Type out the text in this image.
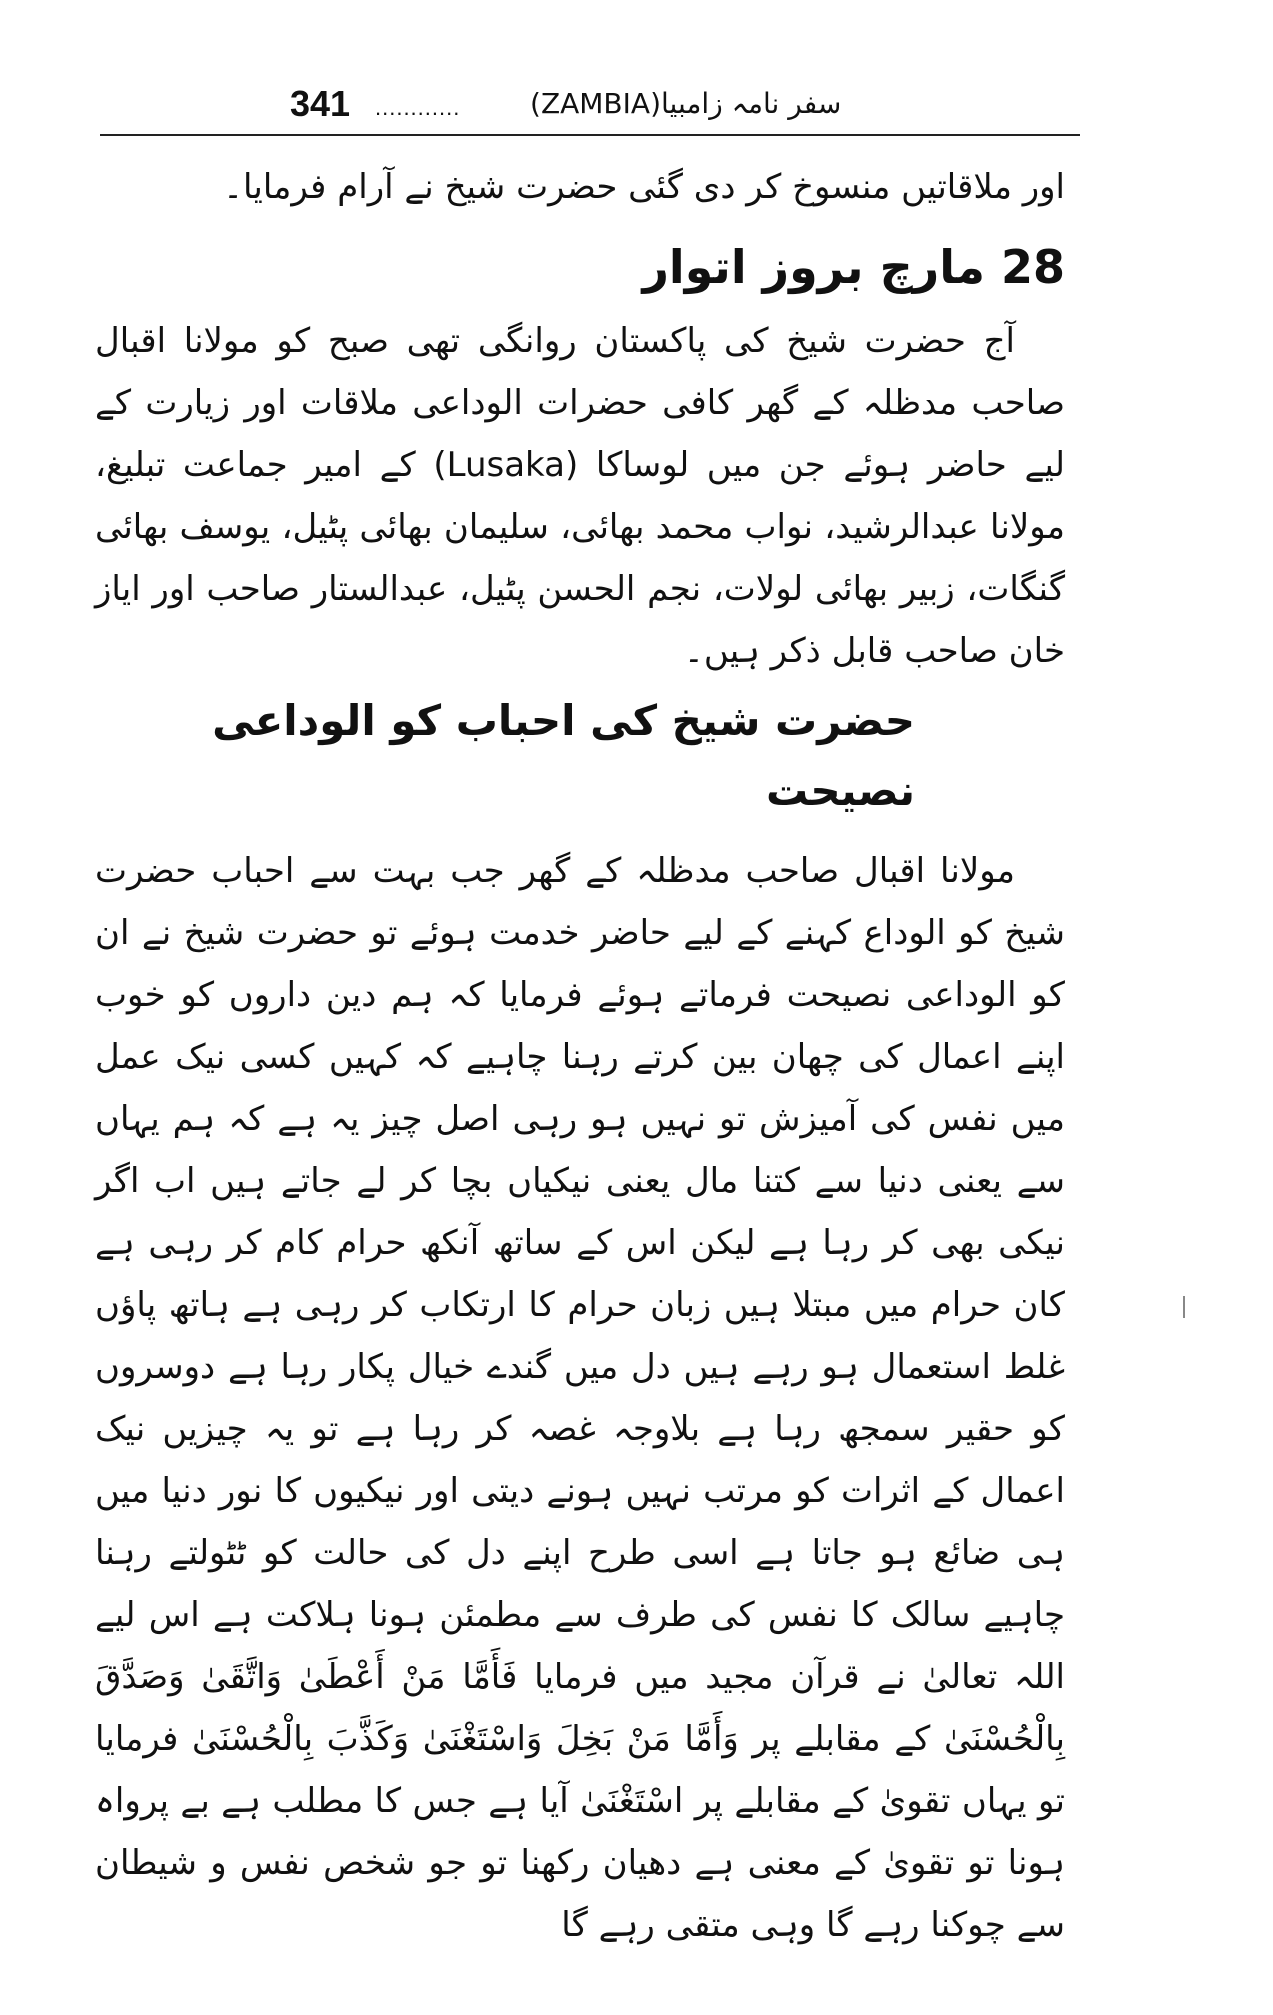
341 ............ سفر نامہ زامبیا(ZAMBIA)

اور ملاقاتیں منسوخ کر دی گئی حضرت شیخ نے آرام فرمایا۔

28 مارچ بروز اتوار

آج حضرت شیخ کی پاکستان روانگی تھی صبح کو مولانا اقبال صاحب مدظلہ کے گھر کافی حضرات الوداعی ملاقات اور زیارت کے لیے حاضر ہوئے جن میں لوساکا (Lusaka) کے امیر جماعت تبلیغ، مولانا عبدالرشید، نواب محمد بھائی، سلیمان بھائی پٹیل، یوسف بھائی گنگات، زبیر بھائی لولات، نجم الحسن پٹیل، عبدالستار صاحب اور ایاز خان صاحب قابل ذکر ہیں۔

حضرت شیخ کی احباب کو الوداعی نصیحت

مولانا اقبال صاحب مدظلہ کے گھر جب بہت سے احباب حضرت شیخ کو الوداع کہنے کے لیے حاضر خدمت ہوئے تو حضرت شیخ نے ان کو الوداعی نصیحت فرماتے ہوئے فرمایا کہ ہم دین داروں کو خوب اپنے اعمال کی چھان بین کرتے رہنا چاہیے کہ کہیں کسی نیک عمل میں نفس کی آمیزش تو نہیں ہو رہی اصل چیز یہ ہے کہ ہم یہاں سے یعنی دنیا سے کتنا مال یعنی نیکیاں بچا کر لے جاتے ہیں اب اگر نیکی بھی کر رہا ہے لیکن اس کے ساتھ آنکھ حرام کام کر رہی ہے کان حرام میں مبتلا ہیں زبان حرام کا ارتکاب کر رہی ہے ہاتھ پاؤں غلط استعمال ہو رہے ہیں دل میں گندے خیال پکار رہا ہے دوسروں کو حقیر سمجھ رہا ہے بلاوجہ غصہ کر رہا ہے تو یہ چیزیں نیک اعمال کے اثرات کو مرتب نہیں ہونے دیتی اور نیکیوں کا نور دنیا میں ہی ضائع ہو جاتا ہے اسی طرح اپنے دل کی حالت کو ٹٹولتے رہنا چاہیے سالک کا نفس کی طرف سے مطمئن ہونا ہلاکت ہے اس لیے اللہ تعالیٰ نے قرآن مجید میں فرمایا فَأَمَّا مَنْ أَعْطَىٰ وَاتَّقَىٰ وَصَدَّقَ بِالْحُسْنَىٰ کے مقابلے پر وَأَمَّا مَنْ بَخِلَ وَاسْتَغْنَىٰ وَكَذَّبَ بِالْحُسْنَىٰ فرمایا تو یہاں تقویٰ کے مقابلے پر اسْتَغْنَىٰ آیا ہے جس کا مطلب ہے بے پرواہ ہونا تو تقویٰ کے معنی ہے دھیان رکھنا تو جو شخص نفس و شیطان سے چوکنا رہے گا وہی متقی رہے گا
